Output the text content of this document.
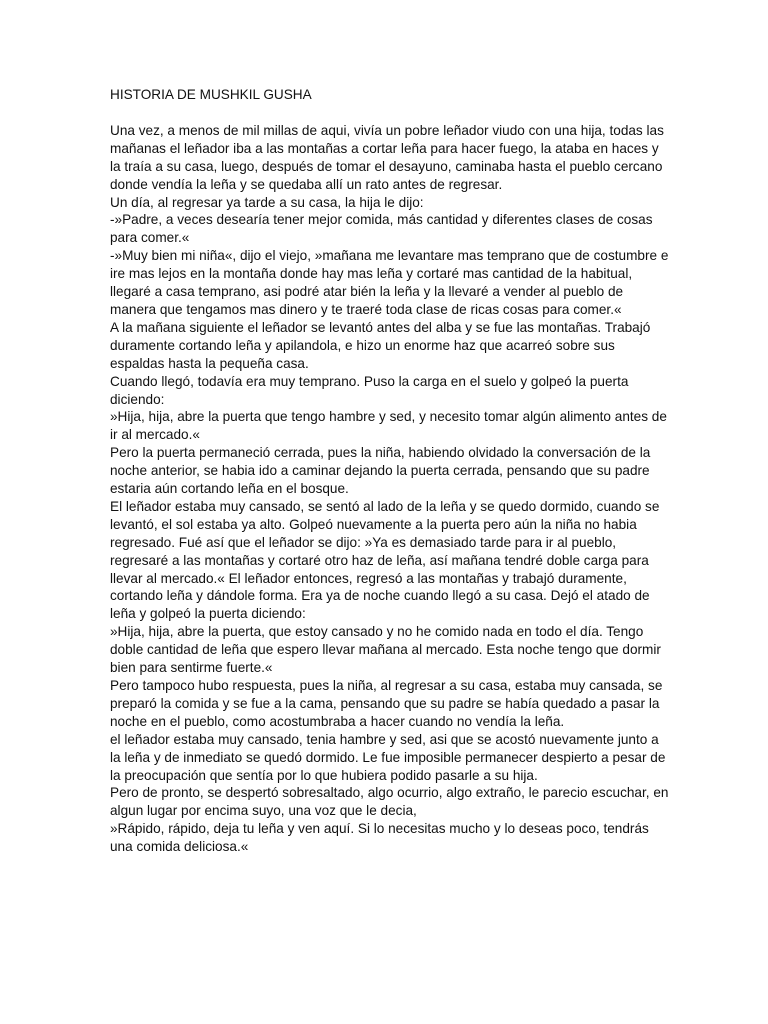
HISTORIA DE MUSHKIL GUSHA

Una vez, a menos de mil millas de aqui, vivía un pobre leñador viudo con una hija, todas las mañanas el leñador iba a las montañas a cortar leña para hacer fuego, la ataba en haces y la traía a su casa, luego, después de tomar el desayuno, caminaba hasta el pueblo cercano donde vendía la leña y se quedaba allí un rato antes de regresar.

Un día, al regresar ya tarde a su casa, la hija le dijo:

-»Padre, a veces desearía tener mejor comida, más cantidad y diferentes clases de cosas para comer.«

-»Muy bien mi niña«, dijo el viejo, »mañana me levantare mas temprano que de costumbre e ire mas lejos en la montaña donde hay mas leña y cortaré mas cantidad de la habitual, llegaré a casa temprano, asi podré atar bién la leña y la llevaré a vender al pueblo de manera que tengamos mas dinero y te traeré toda clase de ricas cosas para comer.«

A la mañana siguiente el leñador se levantó antes del alba y se fue las montañas. Trabajó duramente cortando leña y apilandola, e hizo un enorme haz que acarreó sobre sus espaldas hasta la pequeña casa.

Cuando llegó, todavía era muy temprano. Puso la carga en el suelo y golpeó la puerta diciendo:

»Hija, hija, abre la puerta que tengo hambre y sed, y necesito tomar algún alimento antes de ir al mercado.«

Pero la puerta permaneció cerrada, pues la niña, habiendo olvidado la conversación de la noche anterior, se habia ido a caminar dejando la puerta cerrada, pensando que su padre estaria aún cortando leña en el bosque.

El leñador estaba muy cansado, se sentó al lado de la leña y se quedo dormido, cuando se levantó, el sol estaba ya alto. Golpeó nuevamente a la puerta pero aún la niña no habia regresado. Fué así que el leñador se dijo: »Ya es demasiado tarde para ir al pueblo, regresaré a las montañas y cortaré otro haz de leña, así mañana tendré doble carga para llevar al mercado.« El leñador entonces, regresó a las montañas y trabajó duramente, cortando leña y dándole forma. Era ya de noche cuando llegó a su casa. Dejó el atado de leña y golpeó la puerta diciendo:

»Hija, hija, abre la puerta, que estoy cansado y no he comido nada en todo el día. Tengo doble cantidad de leña que espero llevar mañana al mercado. Esta noche tengo que dormir bien para sentirme fuerte.«

Pero tampoco hubo respuesta, pues la niña, al regresar a su casa, estaba muy cansada, se preparó la comida y se fue a la cama, pensando que su padre se había quedado a pasar la noche en el pueblo, como acostumbraba a hacer cuando no vendía la leña.

el leñador estaba muy cansado, tenia hambre y sed, asi que se acostó nuevamente junto a la leña y de inmediato se quedó dormido. Le fue imposible permanecer despierto a pesar de la preocupación que sentía por lo que hubiera podido pasarle a su hija.

Pero de pronto, se despertó sobresaltado, algo ocurrio, algo extraño, le parecio escuchar, en algun lugar por encima suyo, una voz que le decia,

»Rápido, rápido, deja tu leña y ven aquí. Si lo necesitas mucho y lo deseas poco, tendrás una comida deliciosa.«
